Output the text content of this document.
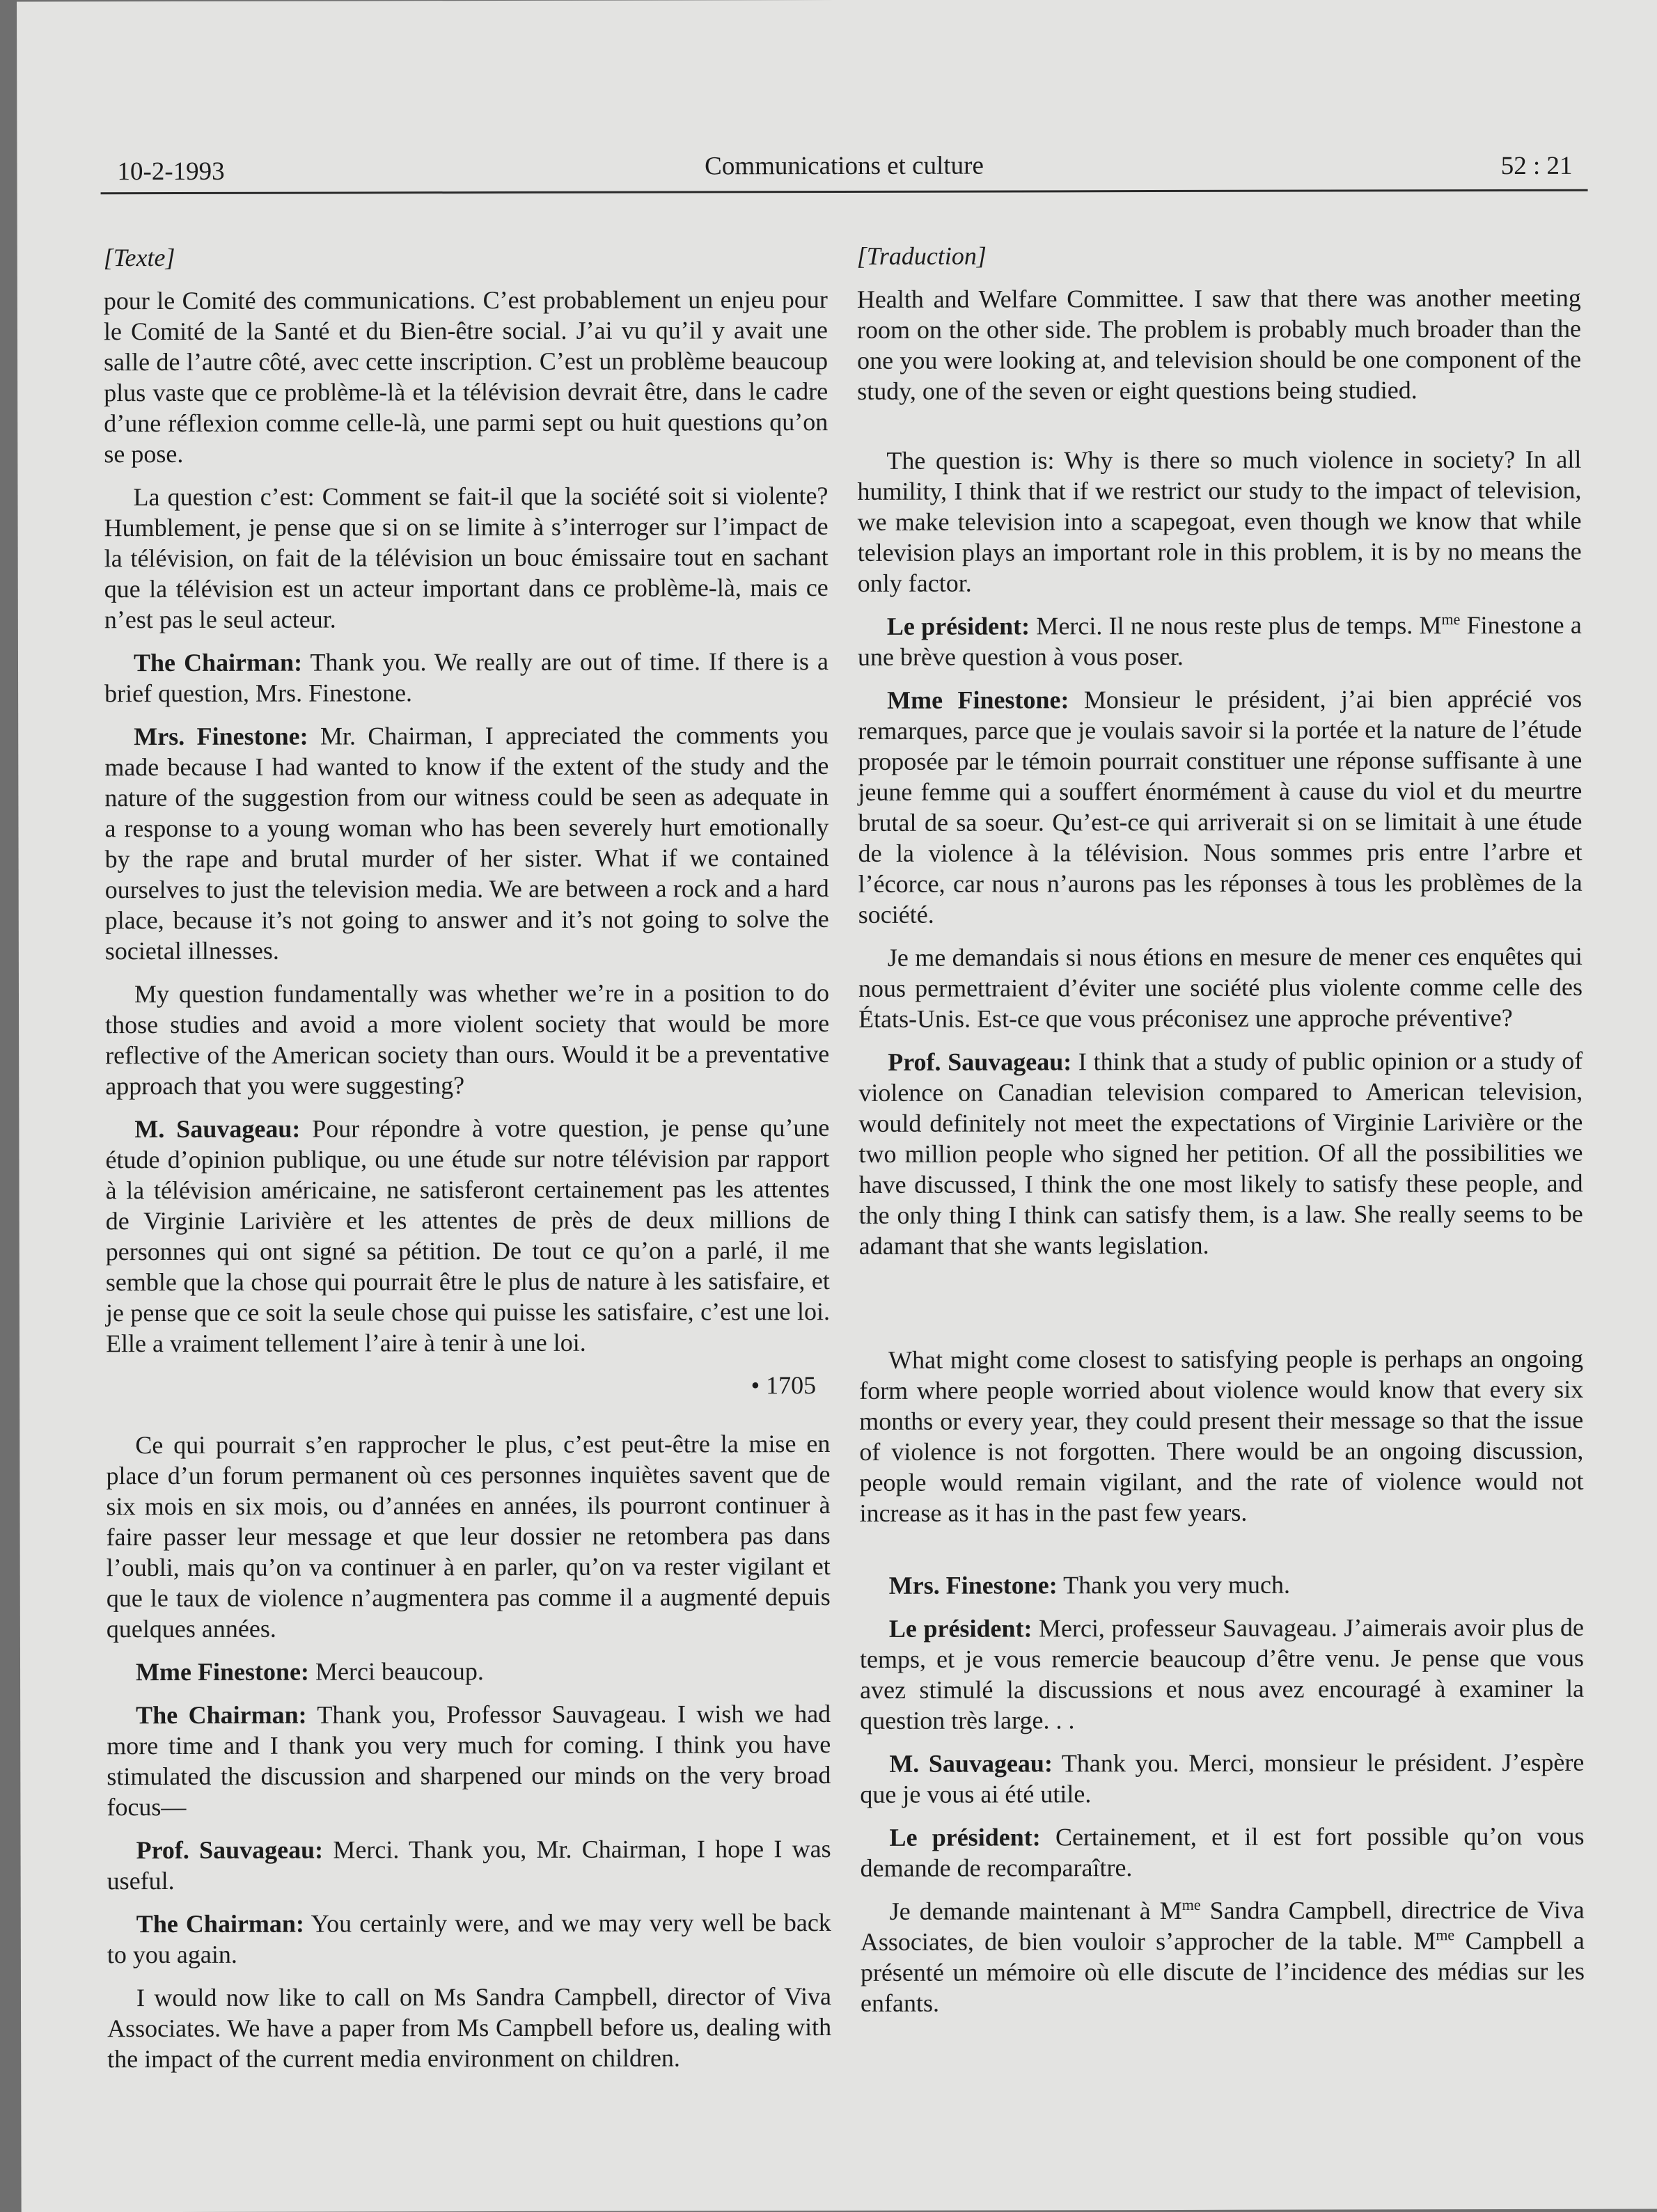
10-2-1993	Communications et culture	52 : 21
[Texte]

pour le Comité des communications. C’est probablement un enjeu pour le Comité de la Santé et du Bien-être social. J’ai vu qu’il y avait une salle de l’autre côté, avec cette inscription. C’est un problème beaucoup plus vaste que ce problème-là et la télévision devrait être, dans le cadre d’une réflexion comme celle-là, une parmi sept ou huit questions qu’on se pose.

La question c’est: Comment se fait-il que la société soit si violente? Humblement, je pense que si on se limite à s’interroger sur l’impact de la télévision, on fait de la télévision un bouc émissaire tout en sachant que la télévision est un acteur important dans ce problème-là, mais ce n’est pas le seul acteur.

The Chairman: Thank you. We really are out of time. If there is a brief question, Mrs. Finestone.

Mrs. Finestone: Mr. Chairman, I appreciated the comments you made because I had wanted to know if the extent of the study and the nature of the suggestion from our witness could be seen as adequate in a response to a young woman who has been severely hurt emotionally by the rape and brutal murder of her sister. What if we contained ourselves to just the television media. We are between a rock and a hard place, because it’s not going to answer and it’s not going to solve the societal illnesses.

My question fundamentally was whether we’re in a position to do those studies and avoid a more violent society that would be more reflective of the American society than ours. Would it be a preventative approach that you were suggesting?

M. Sauvageau: Pour répondre à votre question, je pense qu’une étude d’opinion publique, ou une étude sur notre télévision par rapport à la télévision américaine, ne satisferont certainement pas les attentes de Virginie Larivière et les attentes de près de deux millions de personnes qui ont signé sa pétition. De tout ce qu’on a parlé, il me semble que la chose qui pourrait être le plus de nature à les satisfaire, et je pense que ce soit la seule chose qui puisse les satisfaire, c’est une loi. Elle a vraiment tellement l’aire à tenir à une loi.

• 1705

Ce qui pourrait s’en rapprocher le plus, c’est peut-être la mise en place d’un forum permanent où ces personnes inquiètes savent que de six mois en six mois, ou d’années en années, ils pourront continuer à faire passer leur message et que leur dossier ne retombera pas dans l’oubli, mais qu’on va continuer à en parler, qu’on va rester vigilant et que le taux de violence n’augmentera pas comme il a augmenté depuis quelques années.

Mme Finestone: Merci beaucoup.

The Chairman: Thank you, Professor Sauvageau. I wish we had more time and I thank you very much for coming. I think you have stimulated the discussion and sharpened our minds on the very broad focus—

Prof. Sauvageau: Merci. Thank you, Mr. Chairman, I hope I was useful.

The Chairman: You certainly were, and we may very well be back to you again.

I would now like to call on Ms Sandra Campbell, director of Viva Associates. We have a paper from Ms Campbell before us, dealing with the impact of the current media environment on children.

[Traduction]

Health and Welfare Committee. I saw that there was another meeting room on the other side. The problem is probably much broader than the one you were looking at, and television should be one component of the study, one of the seven or eight questions being studied.

The question is: Why is there so much violence in society? In all humility, I think that if we restrict our study to the impact of television, we make television into a scapegoat, even though we know that while television plays an important role in this problem, it is by no means the only factor.

Le président: Merci. Il ne nous reste plus de temps. $M^{me}$ Finestone a une brève question à vous poser.

Mme Finestone: Monsieur le président, j’ai bien apprécié vos remarques, parce que je voulais savoir si la portée et la nature de l’étude proposée par le témoin pourrait constituer une réponse suffisante à une jeune femme qui a souffert énormément à cause du viol et du meurtre brutal de sa soeur. Qu’est-ce qui arriverait si on se limitait à une étude de la violence à la télévision. Nous sommes pris entre l’arbre et l’écorce, car nous n’aurons pas les réponses à tous les problèmes de la société.

Je me demandais si nous étions en mesure de mener ces enquêtes qui nous permettraient d’éviter une société plus violente comme celle des États-Unis. Est-ce que vous préconisez une approche préventive?

Prof. Sauvageau: I think that a study of public opinion or a study of violence on Canadian television compared to American television, would definitely not meet the expectations of Virginie Larivière or the two million people who signed her petition. Of all the possibilities we have discussed, I think the one most likely to satisfy these people, and the only thing I think can satisfy them, is a law. She really seems to be adamant that she wants legislation.

What might come closest to satisfying people is perhaps an ongoing form where people worried about violence would know that every six months or every year, they could present their message so that the issue of violence is not forgotten. There would be an ongoing discussion, people would remain vigilant, and the rate of violence would not increase as it has in the past few years.

Mrs. Finestone: Thank you very much.

Le président: Merci, professeur Sauvageau. J’aimerais avoir plus de temps, et je vous remercie beaucoup d’être venu. Je pense que vous avez stimulé la discussions et nous avez encouragé à examiner la question très large. . .

M. Sauvageau: Thank you. Merci, monsieur le président. J’espère que je vous ai été utile.

Le président: Certainement, et il est fort possible qu’on vous demande de recomparaître.

Je demande maintenant à $M^{me}$ Sandra Campbell, directrice de Viva Associates, de bien vouloir s’approcher de la table. $M^{me}$ Campbell a présenté un mémoire où elle discute de l’incidence des médias sur les enfants.
